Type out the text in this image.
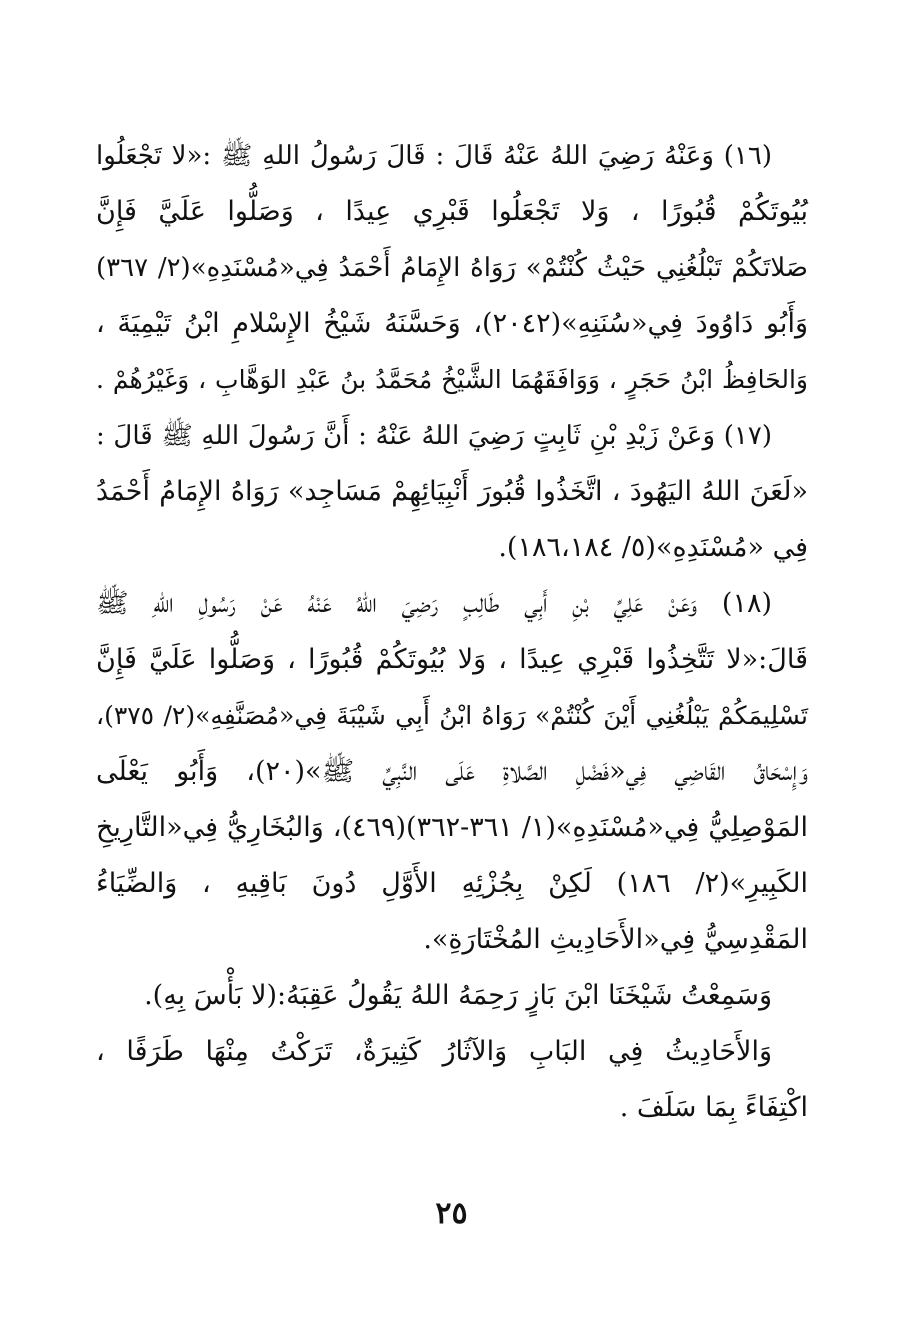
(١٦) وَعَنْهُ رَضِيَ اللهُ عَنْهُ قَالَ : قَالَ رَسُولُ اللهِ ﷺ :«لا تَجْعَلُوا
بُيُوتَكُمْ قُبُورًا ، وَلا تَجْعَلُوا قَبْرِي عِيدًا ، وَصَلُّوا عَلَيَّ فَإِنَّ
صَلاتَكُمْ تَبْلُغُنِي حَيْثُ كُنْتُمْ» رَوَاهُ الإِمَامُ أَحْمَدُ فِي«مُسْنَدِهِ»(٢/ ٣٦٧)
وَأَبُو دَاوُودَ فِي«سُنَنِهِ»(٢٠٤٢)، وَحَسَّنَهُ شَيْخُ الإِسْلامِ ابْنُ تَيْمِيَةَ ،
وَالحَافِظُ ابْنُ حَجَرٍ ، وَوَافَقَهُمَا الشَّيْخُ مُحَمَّدُ بنُ عَبْدِ الوَهَّابِ ، وَغَيْرُهُمْ .
(١٧) وَعَنْ زَيْدِ بْنِ ثَابِتٍ رَضِيَ اللهُ عَنْهُ : أَنَّ رَسُولَ اللهِ ﷺ قَالَ :
«لَعَنَ اللهُ اليَهُودَ ، اتَّخَذُوا قُبُورَ أَنْبِيَائِهِمْ مَسَاجِد» رَوَاهُ الإِمَامُ أَحْمَدُ
فِي «مُسْنَدِهِ»(٥/ ١٨٦،١٨٤).
(١٨) وَعَنْ عَلِيِّ بْنِ أَبِي طَالِبٍ رَضِيَ اللهُ عَنْهُ عَنْ رَسُولِ اللهِ ﷺ
قَالَ:«لا تَتَّخِذُوا قَبْرِي عِيدًا ، وَلا بُيُوتَكُمْ قُبُورًا ، وَصَلُّوا عَلَيَّ فَإِنَّ
تَسْلِيمَكُمْ يَبْلُغُنِي أَيْنَ كُنْتُمْ» رَوَاهُ ابْنُ أَبِي شَيْبَةَ فِي«مُصَنَّفِهِ»(٢/ ٣٧٥)،
وَإِسْحَاقُ القَاضِي فِي«فَضْلِ الصَّلاةِ عَلَى النَّبِيِّ ﷺ»(٢٠)، وَأَبُو يَعْلَى
المَوْصِلِيُّ فِي«مُسْنَدِهِ»(١/ ٣٦١-٣٦٢)(٤٦٩)، وَالبُخَارِيُّ فِي«التَّارِيخِ
الكَبِيرِ»(٢/ ١٨٦) لَكِنْ بِجُزْئِهِ الأَوَّلِ دُونَ بَاقِيهِ ، وَالضِّيَاءُ
المَقْدِسِيُّ فِي«الأَحَادِيثِ المُخْتَارَةِ».
وَسَمِعْتُ شَيْخَنَا ابْنَ بَازٍ رَحِمَهُ اللهُ يَقُولُ عَقِبَهُ:(لا بَأْسَ بِهِ).
وَالأَحَادِيثُ فِي البَابِ وَالآثَارُ كَثِيرَةٌ، تَرَكْتُ مِنْهَا طَرَفًا ،
اكْتِفَاءً بِمَا سَلَفَ .
٢٥
